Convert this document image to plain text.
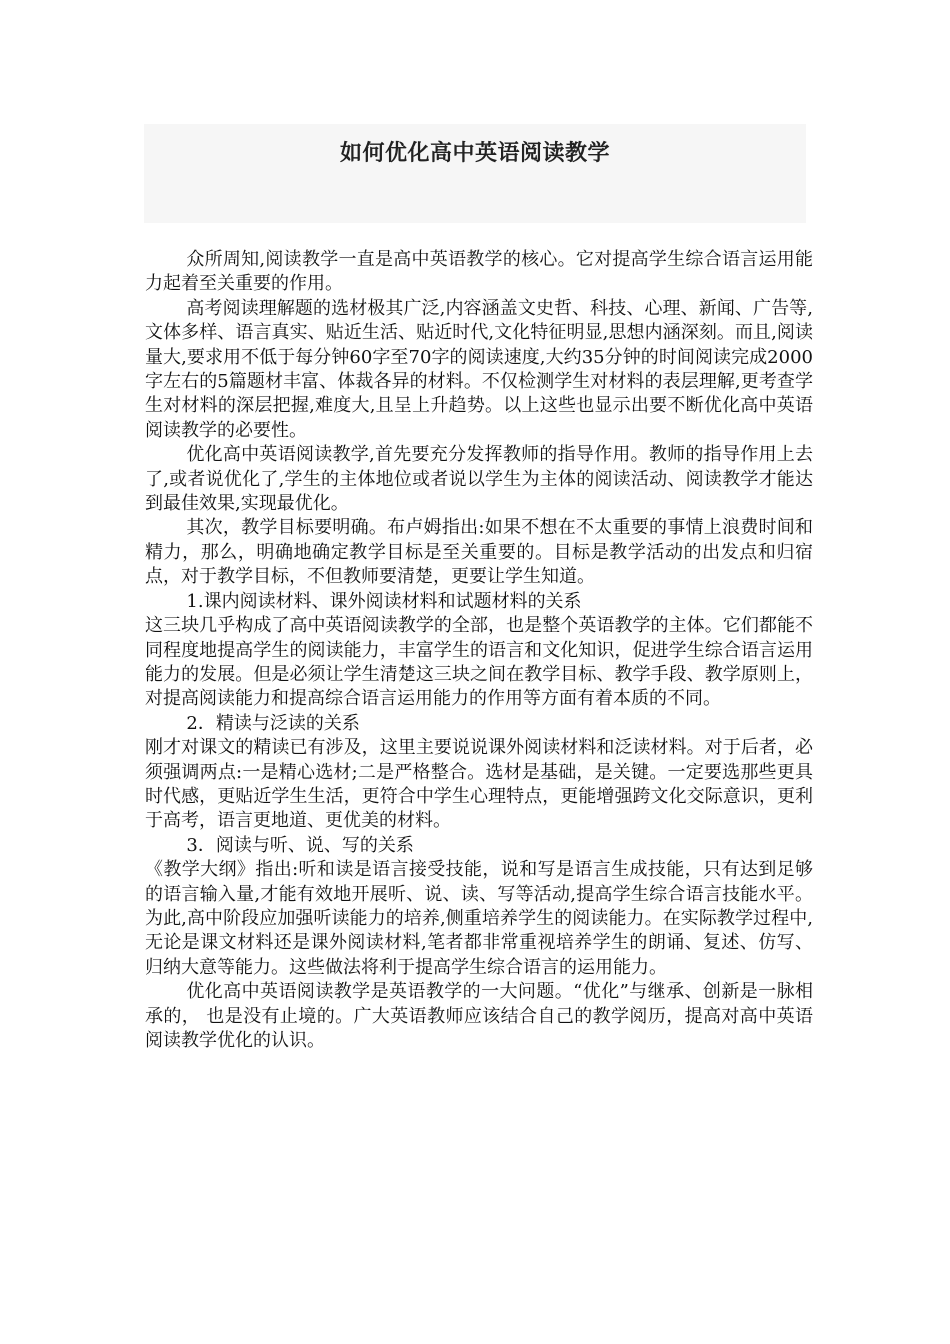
如何优化高中英语阅读教学

众所周知,阅读教学一直是高中英语教学的核心。它对提高学生综合语言运用能力起着至关重要的作用。

高考阅读理解题的选材极其广泛,内容涵盖文史哲、科技、心理、新闻、广告等,文体多样、语言真实、贴近生活、贴近时代,文化特征明显,思想内涵深刻。而且,阅读量大,要求用不低于每分钟60字至70字的阅读速度,大约35分钟的时间阅读完成2000字左右的5篇题材丰富、体裁各异的材料。不仅检测学生对材料的表层理解,更考查学生对材料的深层把握,难度大,且呈上升趋势。以上这些也显示出要不断优化高中英语阅读教学的必要性。

优化高中英语阅读教学,首先要充分发挥教师的指导作用。教师的指导作用上去了,或者说优化了,学生的主体地位或者说以学生为主体的阅读活动、阅读教学才能达到最佳效果,实现最优化。

其次，教学目标要明确。布卢姆指出:如果不想在不太重要的事情上浪费时间和精力，那么，明确地确定教学目标是至关重要的。目标是教学活动的出发点和归宿点，对于教学目标，不但教师要清楚，更要让学生知道。

1.课内阅读材料、课外阅读材料和试题材料的关系

这三块几乎构成了高中英语阅读教学的全部，也是整个英语教学的主体。它们都能不同程度地提高学生的阅读能力，丰富学生的语言和文化知识，促进学生综合语言运用能力的发展。但是必须让学生清楚这三块之间在教学目标、教学手段、教学原则上，对提高阅读能力和提高综合语言运用能力的作用等方面有着本质的不同。

2．精读与泛读的关系

刚才对课文的精读已有涉及，这里主要说说课外阅读材料和泛读材料。对于后者，必须强调两点:一是精心选材;二是严格整合。选材是基础，是关键。一定要选那些更具时代感，更贴近学生生活，更符合中学生心理特点，更能增强跨文化交际意识，更利于高考，语言更地道、更优美的材料。

3．阅读与听、说、写的关系

《教学大纲》指出:听和读是语言接受技能，说和写是语言生成技能，只有达到足够的语言输入量,才能有效地开展听、说、读、写等活动,提高学生综合语言技能水平。为此,高中阶段应加强听读能力的培养,侧重培养学生的阅读能力。在实际教学过程中,无论是课文材料还是课外阅读材料,笔者都非常重视培养学生的朗诵、复述、仿写、归纳大意等能力。这些做法将利于提高学生综合语言的运用能力。

优化高中英语阅读教学是英语教学的一大问题。“优化”与继承、创新是一脉相承的， 也是没有止境的。广大英语教师应该结合自己的教学阅历，提高对高中英语阅读教学优化的认识。
